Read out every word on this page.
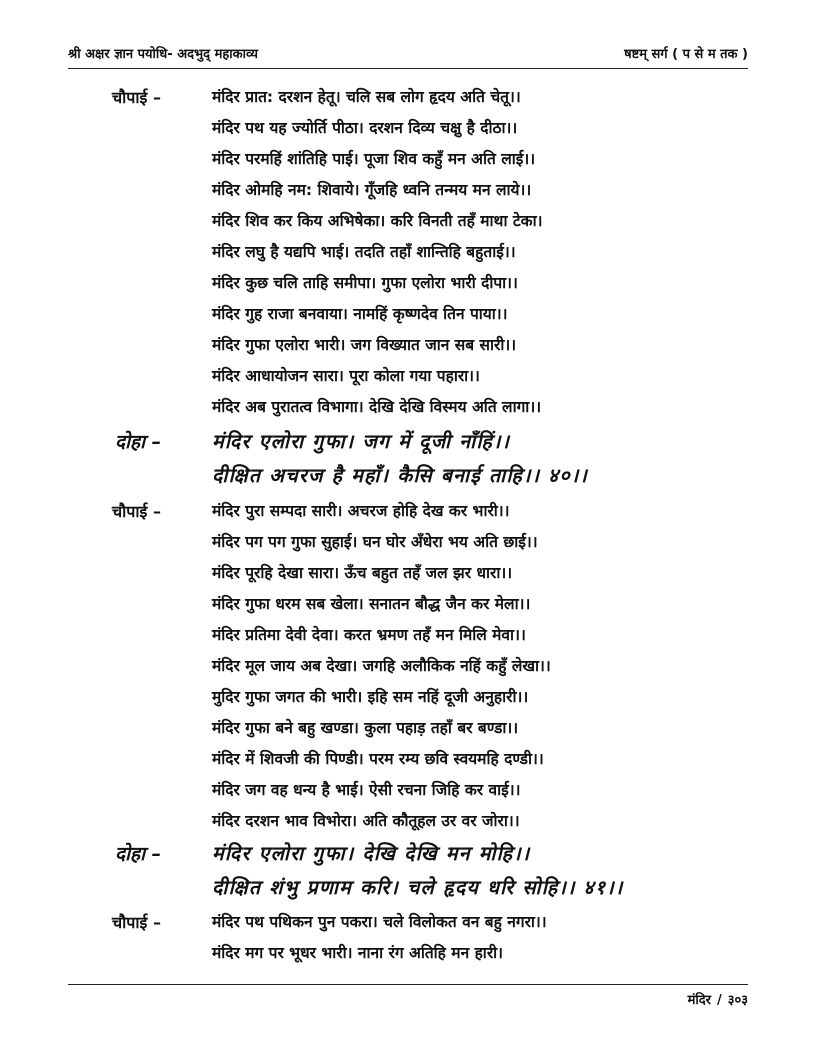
श्री अक्षर ज्ञान पयोधि- अदभुद् महाकाव्य	षष्टम् सर्ग ( प से म तक )
चौपाई –	मंदिर प्रात: दरशन हेतू। चलि सब लोग हृदय अति चेतू।।
मंदिर पथ यह ज्योर्ति पीठा। दरशन दिव्य चक्षु है दीठा।।
मंदिर परमहिं शांतिहि पाई। पूजा शिव कहुँ मन अति लाई।।
मंदिर ओमहि नम: शिवाये। गूँजहि ध्वनि तन्मय मन लाये।।
मंदिर शिव कर किय अभिषेका। करि विनती तहँ माथा टेका।
मंदिर लघु है यद्यपि भाई। तदति तहाँ शान्तिहि बहुताई।।
मंदिर कुछ चलि ताहि समीपा। गुफा एलोरा भारी दीपा।।
मंदिर गुह राजा बनवाया। नामहिं कृष्णदेव तिन पाया।।
मंदिर गुफा एलोरा भारी। जग विख्यात जान सब सारी।।
मंदिर आधायोजन सारा। पूरा कोला गया पहारा।।
मंदिर अब पुरातत्व विभागा। देखि देखि विस्मय अति लागा।।
दोहा –	मंदिर एलोरा गुफा। जग में दूजी नाँहिं।।
दीक्षित अचरज है महाँ। कैसि बनाई ताहि।। ४०।।
चौपाई –	मंदिर पुरा सम्पदा सारी। अचरज होहि देख कर भारी।।
मंदिर पग पग गुफा सुहाई। घन घोर अँधेरा भय अति छाई।।
मंदिर पूरहि देखा सारा। ऊँच बहुत तहँ जल झर धारा।।
मंदिर गुफा धरम सब खेला। सनातन बौद्ध जैन कर मेला।।
मंदिर प्रतिमा देवी देवा। करत भ्रमण तहँ मन मिलि मेवा।।
मंदिर मूल जाय अब देखा। जगहि अलौकिक नहिं कहुँ लेखा।।
मुदिर गुफा जगत की भारी। इहि सम नहिं दूजी अनुहारी।।
मंदिर गुफा बने बहु खण्डा। कुला पहाड़ तहाँ बर बण्डा।।
मंदिर में शिवजी की पिण्डी। परम रम्य छवि स्वयमहि दण्डी।।
मंदिर जग वह धन्य है भाई। ऐसी रचना जिहि कर वाई।।
मंदिर दरशन भाव विभोरा। अति कौतूहल उर वर जोरा।।
दोहा –	मंदिर एलोरा गुफा। देखि देखि मन मोहि।।
दीक्षित शंभु प्रणाम करि। चले हृदय धरि सोहि।। ४१।।
चौपाई –	मंदिर पथ पथिकन पुन पकरा। चले विलोकत वन बहु नगरा।।
मंदिर मग पर भूधर भारी। नाना रंग अतिहि मन हारी।
मंदिर / ३०३
